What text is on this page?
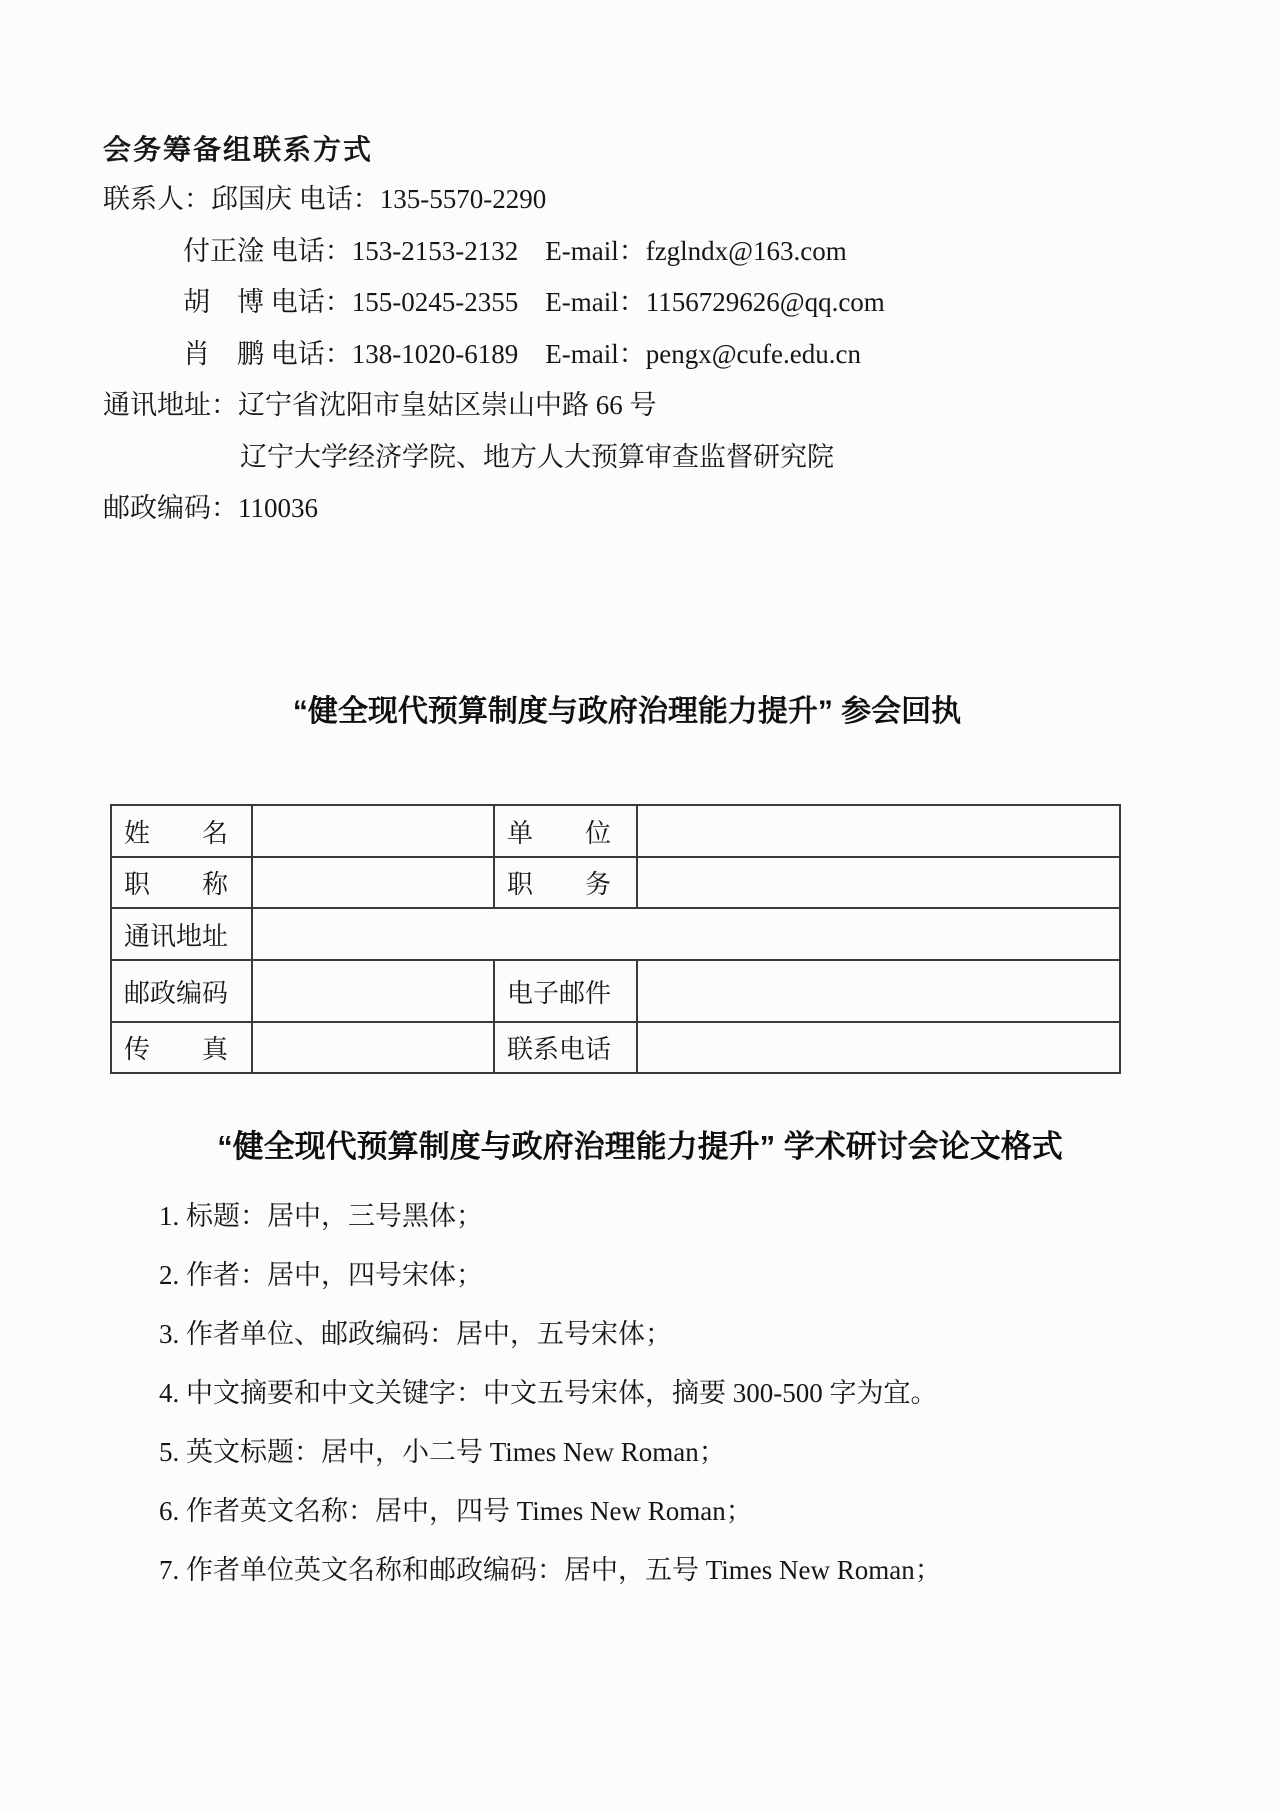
会务筹备组联系方式
联系人：邱国庆 电话：135-5570-2290
付正淦 电话：153-2153-2132　E-mail：fzglndx@163.com
胡　博 电话：155-0245-2355　E-mail：1156729626@qq.com
肖　鹏 电话：138-1020-6189　E-mail：pengx@cufe.edu.cn
通讯地址：辽宁省沈阳市皇姑区崇山中路 66 号
辽宁大学经济学院、地方人大预算审查监督研究院
邮政编码：110036
“健全现代预算制度与政府治理能力提升” 参会回执
姓　　名		单　　位	
职　　称		职　　务	
通讯地址			
邮政编码		电子邮件	
传　　真		联系电话	
“健全现代预算制度与政府治理能力提升” 学术研讨会论文格式
1. 标题：居中，三号黑体；
2. 作者：居中，四号宋体；
3. 作者单位、邮政编码：居中，五号宋体；
4. 中文摘要和中文关键字：中文五号宋体，摘要 300-500 字为宜。
5. 英文标题：居中，小二号 Times New Roman；
6. 作者英文名称：居中，四号 Times New Roman；
7. 作者单位英文名称和邮政编码：居中，五号 Times New Roman；
